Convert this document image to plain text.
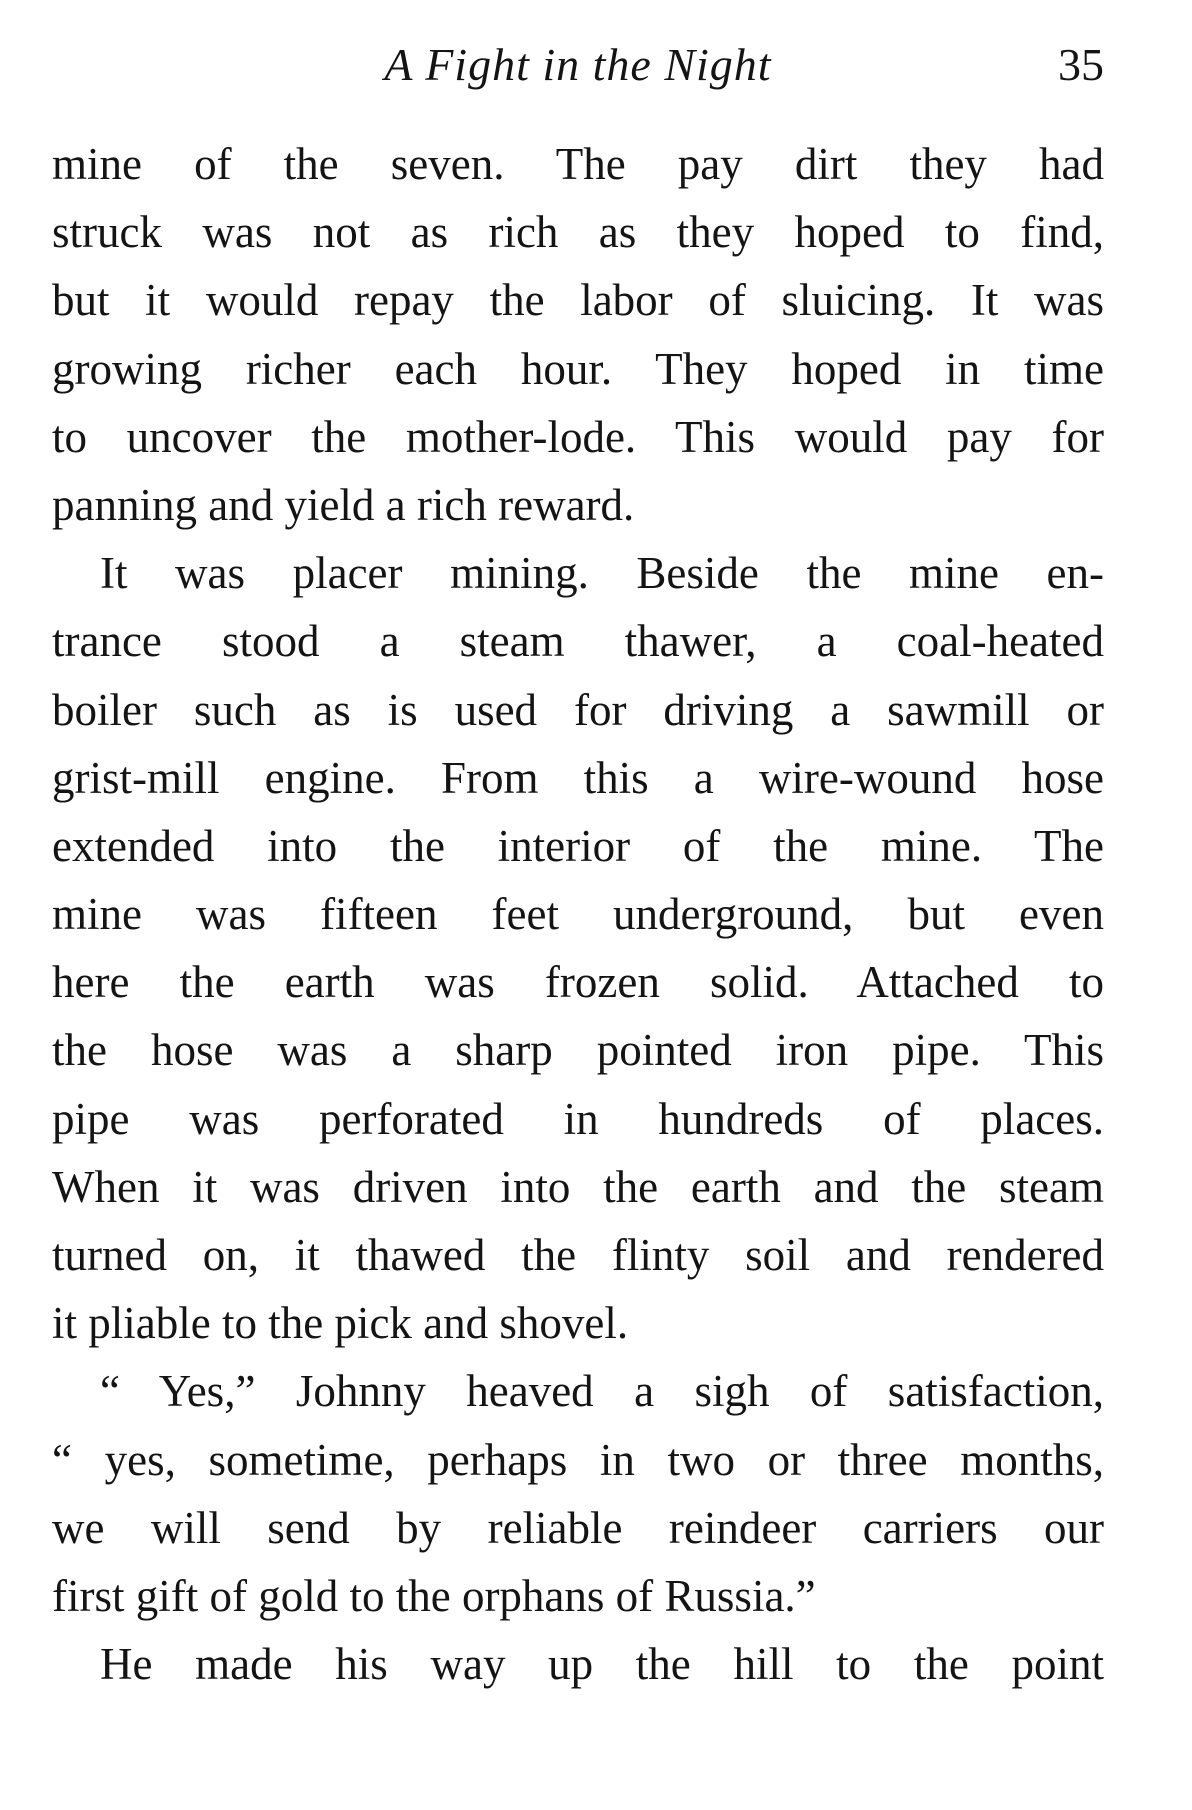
A Fight in the Night	35
mine of the seven. The pay dirt they had
struck was not as rich as they hoped to find,
but it would repay the labor of sluicing. It was
growing richer each hour. They hoped in time
to uncover the mother-lode. This would pay for
panning and yield a rich reward.
It was placer mining. Beside the mine en-
trance stood a steam thawer, a coal-heated
boiler such as is used for driving a sawmill or
grist-mill engine. From this a wire-wound hose
extended into the interior of the mine. The
mine was fifteen feet underground, but even
here the earth was frozen solid. Attached to
the hose was a sharp pointed iron pipe. This
pipe was perforated in hundreds of places.
When it was driven into the earth and the steam
turned on, it thawed the flinty soil and rendered
it pliable to the pick and shovel.
“ Yes,” Johnny heaved a sigh of satisfaction,
“ yes, sometime, perhaps in two or three months,
we will send by reliable reindeer carriers our
first gift of gold to the orphans of Russia.”
He made his way up the hill to the point
